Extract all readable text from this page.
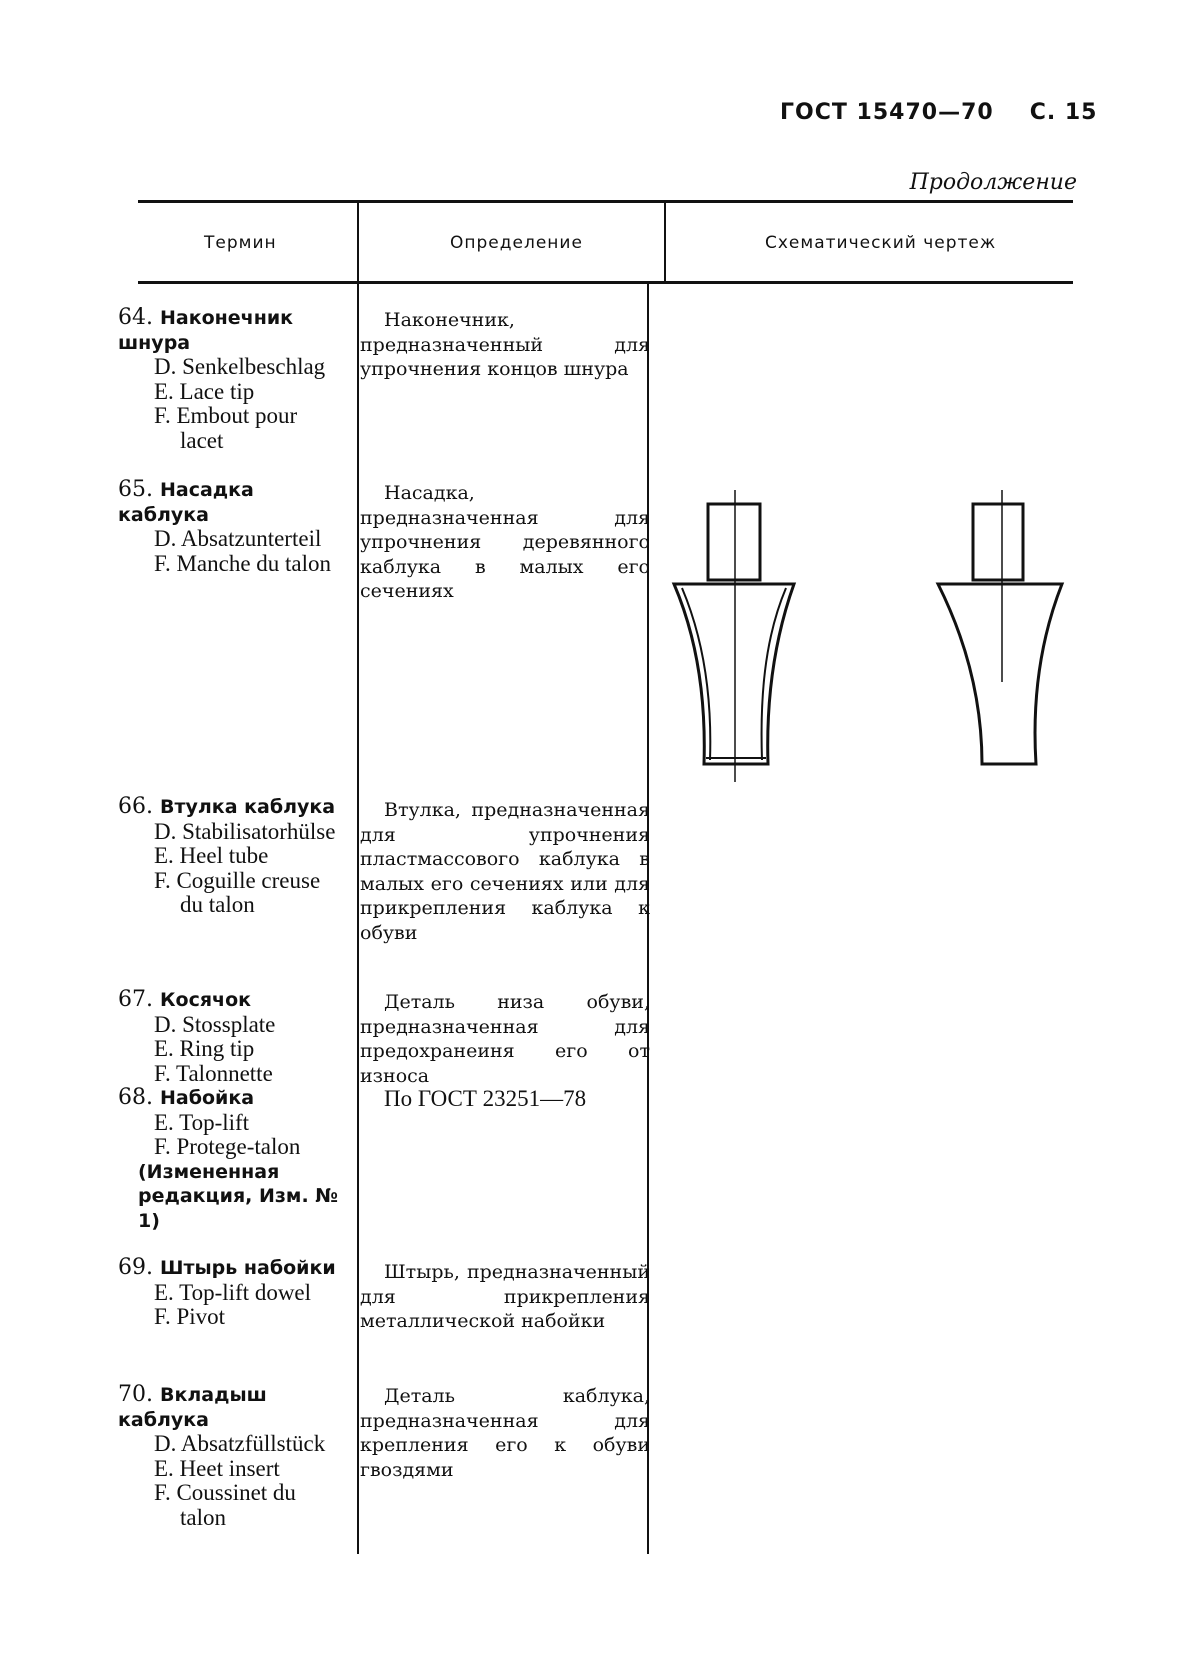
ГОСТ 15470—70 С. 15
Продолжение
Термин	Определение	Схематический чертеж
64. Наконечник шнура
D. Senkelbeschlag
E. Lace tip
F. Embout pour lacet
Наконечник, предназначенный для упрочнения концов шнура
65. Насадка каблука
D. Absatzunterteil
F. Manche du talon
Насадка, предназначенная для упрочнения деревянного каблука в малых его сечениях
66. Втулка каблука
D. Stabilisatorhülse
E. Heel tube
F. Coguille creuse du talon
Втулка, предназначенная для упрочнения пластмассового каблука в малых его сечениях или для прикрепления каблука к обуви
67. Косячок
D. Stossplate
E. Ring tip
F. Talonnette
Деталь низа обуви, предназначенная для предохранеиня его от износа
68. Набойка
E. Top-lift
F. Protege-talon
(Измененная редакция, Изм. № 1)
По ГОСТ 23251—78
69. Штырь набойки
E. Top-lift dowel
F. Pivot
Штырь, предназначенный для прикрепления металлической набойки
70. Вкладыш каблука
D. Absatzfüllstück
E. Heet insert
F. Coussinet du talon
Деталь каблука, предназначенная для крепления его к обуви гвоздями
